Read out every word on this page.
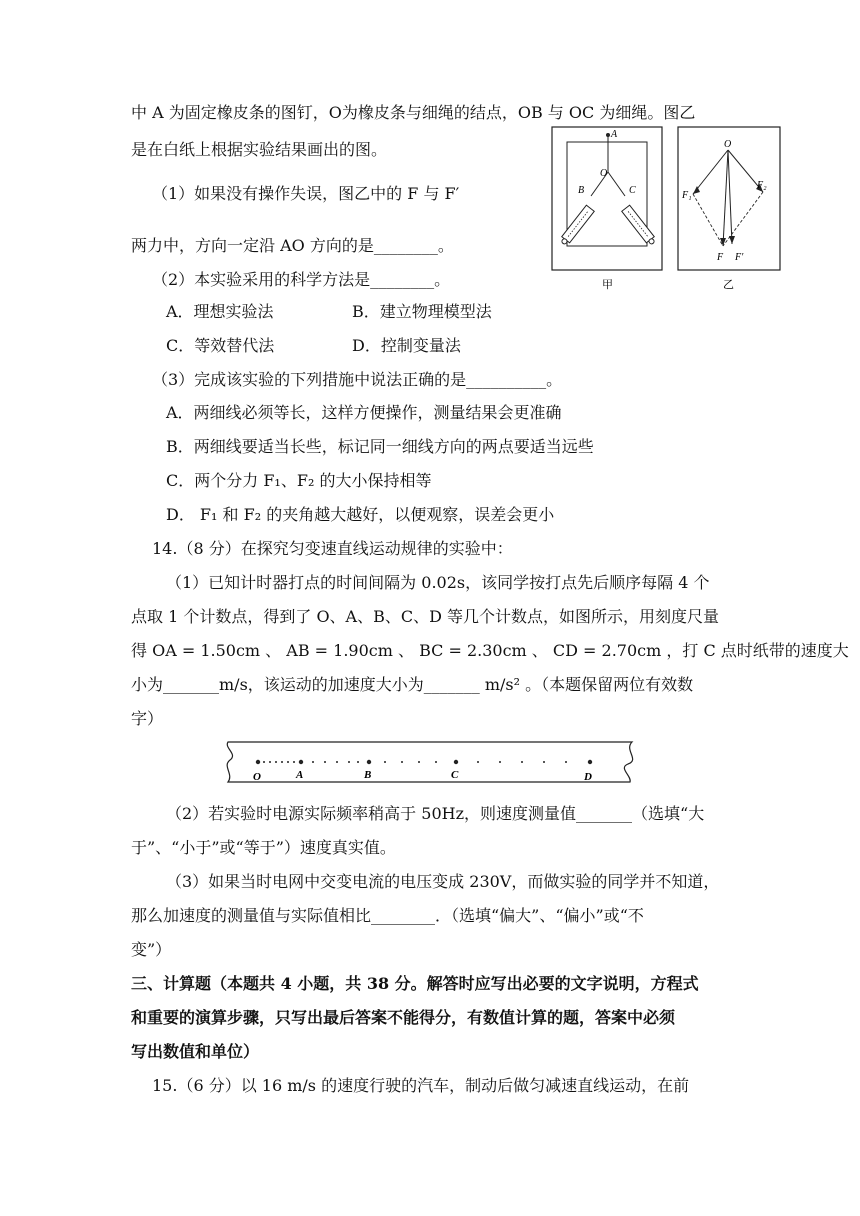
中 A 为固定橡皮条的图钉，O为橡皮条与细绳的结点，OB 与 OC 为细绳。图乙
是在白纸上根据实验结果画出的图。
（1）如果没有操作失误，图乙中的 F 与 F′
两力中，方向一定沿 AO 方向的是________。
（2）本实验采用的科学方法是________。
A．理想实验法	B．建立物理模型法
C．等效替代法	D．控制变量法
（3）完成该实验的下列措施中说法正确的是__________。
A．两细线必须等长，这样方便操作，测量结果会更准确
B．两细线要适当长些，标记同一细线方向的两点要适当远些
C．两个分力 F₁、F₂ 的大小保持相等
D． F₁ 和 F₂ 的夹角越大越好，以便观察，误差会更小
A
O
B	C
甲
O
F₁
F₂
F F′
乙
14.（8 分）在探究匀变速直线运动规律的实验中：
（1）已知计时器打点的时间间隔为 0.02s，该同学按打点先后顺序每隔 4 个
点取 1 个计数点，得到了 O、A、B、C、D 等几个计数点，如图所示，用刻度尺量
得 OA = 1.50cm 、 AB = 1.90cm 、 BC = 2.30cm 、 CD = 2.70cm ，打 C 点时纸带的速度大
小为_______m/s，该运动的加速度大小为_______ m/s² 。（本题保留两位有效数
字）
O	A	B	C	D
（2）若实验时电源实际频率稍高于 50Hz，则速度测量值_______（选填“大
于”、“小于”或“等于”）速度真实值。
（3）如果当时电网中交变电流的电压变成 230V，而做实验的同学并不知道，
那么加速度的测量值与实际值相比________．（选填“偏大”、“偏小”或“不
变”）
三、计算题（本题共 4 小题，共 38 分。解答时应写出必要的文字说明，方程式
和重要的演算步骤，只写出最后答案不能得分，有数值计算的题，答案中必须
写出数值和单位）
15.（6 分）以 16 m/s 的速度行驶的汽车，制动后做匀减速直线运动，在前
